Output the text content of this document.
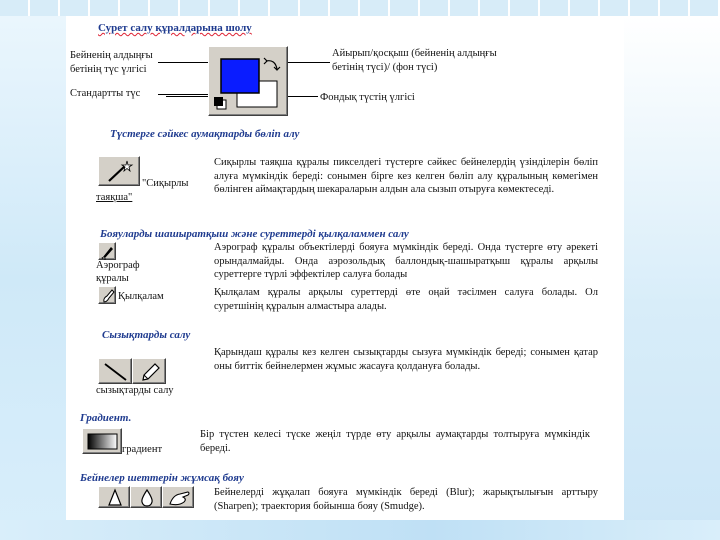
Сурет салу құралдарына шолу
Бейненің алдыңғы
бетінің түс үлгісі
Стандартты түс
Айырып/қосқыш (бейненің алдыңғы
бетінің түсі)/ (фон түсі)
Фондық түстің үлгісі
Түстерге сәйкес аумақтарды бөліп алу
"Сиқырлы
таяқша"
Сиқырлы таяқша құралы пикселдегі түстерге сәйкес бейнелердің үзінділерін бөліп алуға мүмкіндік береді: сонымен бірге кез келген бөліп алу құралының көмегімен бөлінген аймақтардың шекараларын алдын ала сызып отыруға көмектеседі.
Бояуларды шашыратқыш және суреттерді қылқаламмен салу
Аэрограф
құралы
Аэрограф құралы объектілерді бояуға мүмкіндік береді. Онда түстерге өту әрекеті орындалмайды. Онда аэрозольдық баллондық-шашыратқыш құралы арқылы суреттерге түрлі эффектілер салуға болады
Қылқалам	Қылқалам құралы арқылы суреттерді өте оңай тәсілмен салуға болады. Ол суретшінің құралын алмастыра алады.
Сызықтарды салу
сызықтарды салу
Қарындаш құралы кез келген сызықтарды сызуға мүмкіндік береді; сонымен қатар оны биттік бейнелермен жұмыс жасауға қолдануға болады.
Градиент.
градиент
Бір түстен келесі түске жеңіл түрде өту арқылы аумақтарды толтыруға мүмкіндік береді.
Бейнелер шеттерін жұмсақ бояу
Бейнелерді жұқалап бояуға мүмкіндік береді (Blur); жарықтылығын арттыру (Sharpen); траектория бойынша бояу (Smudge).
